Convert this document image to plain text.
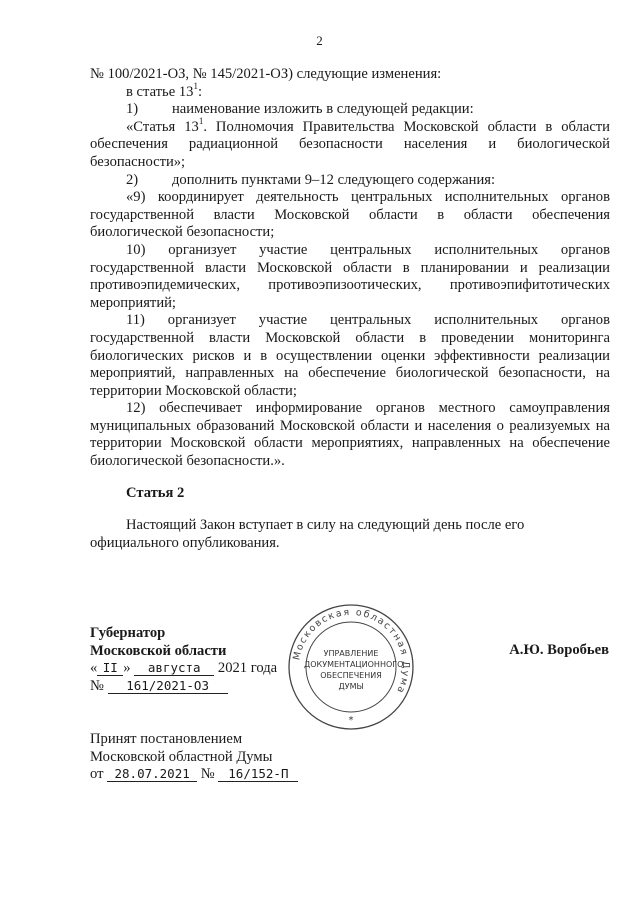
2

№ 100/2021-ОЗ, № 145/2021-ОЗ) следующие изменения:

в статье $13^1$:

1)	наименование изложить в следующей редакции:

«Статья $13^1$. Полномочия Правительства Московской области в области обеспечения радиационной безопасности населения и биологической безопасности»;

2)	дополнить пунктами 9–12 следующего содержания:

«9) координирует деятельность центральных исполнительных органов государственной власти Московской области в области обеспечения биологической безопасности;

10) организует участие центральных исполнительных органов государственной власти Московской области в планировании и реализации противоэпидемических, противоэпизоотических, противоэпифитотических мероприятий;

11) организует участие центральных исполнительных органов государственной власти Московской области в проведении мониторинга биологических рисков и в осуществлении оценки эффективности реализации мероприятий, направленных на обеспечение биологической безопасности, на территории Московской области;

12) обеспечивает информирование органов местного самоуправления муниципальных образований Московской области и населения о реализуемых на территории Московской области мероприятиях, направленных на обеспечение биологической безопасности.».

Статья 2

Настоящий Закон вступает в силу на следующий день после его официального опубликования.

Губернатор
Московской области	А.Ю. Воробьев
« II » августа 2021 года
№ 161/2021-ОЗ

Принят постановлением

Московской областной Думы

от 28.07.2021 № 16/152-П

Московская областная Дума
УПРАВЛЕНИЕ
ДОКУМЕНТАЦИОННОГО
ОБЕСПЕЧЕНИЯ
ДУМЫ
*
